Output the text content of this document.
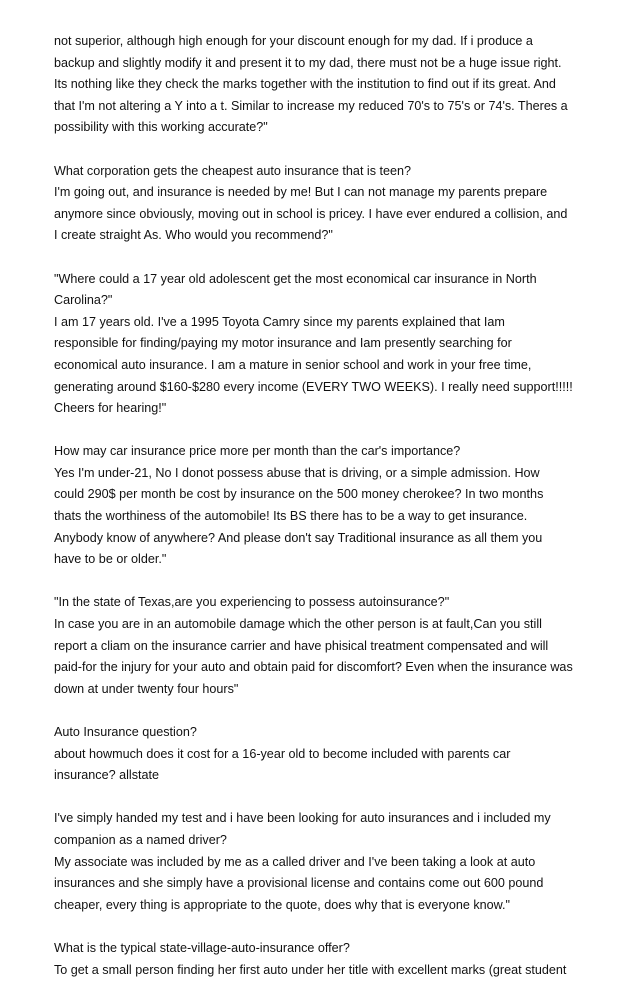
not superior, although high enough for your discount enough for my dad. If i produce a
backup and slightly modify it and present it to my dad, there must not be a huge issue right.
Its nothing like they check the marks together with the institution to find out if its great. And
that I'm not altering a Y into a t. Similar to increase my reduced 70's to 75's or 74's. Theres a
possibility with this working accurate?"
What corporation gets the cheapest auto insurance that is teen?
I'm going out, and insurance is needed by me! But I can not manage my parents prepare
anymore since obviously, moving out in school is pricey. I have ever endured a collision, and
I create straight As. Who would you recommend?"
"Where could a 17 year old adolescent get the most economical car insurance in North
Carolina?"
I am 17 years old. I've a 1995 Toyota Camry since my parents explained that Iam
responsible for finding/paying my motor insurance and Iam presently searching for
economical auto insurance. I am a mature in senior school and work in your free time,
generating around $160-$280 every income (EVERY TWO WEEKS). I really need support!!!!!
Cheers for hearing!"
How may car insurance price more per month than the car's importance?
Yes I'm under-21, No I donot possess abuse that is driving, or a simple admission. How
could 290$ per month be cost by insurance on the 500 money cherokee? In two months
thats the worthiness of the automobile! Its BS there has to be a way to get insurance.
Anybody know of anywhere? And please don't say Traditional insurance as all them you
have to be or older."
"In the state of Texas,are you experiencing to possess autoinsurance?"
In case you are in an automobile damage which the other person is at fault,Can you still
report a cliam on the insurance carrier and have phisical treatment compensated and will
paid-for the injury for your auto and obtain paid for discomfort? Even when the insurance was
down at under twenty four hours"
Auto Insurance question?
about howmuch does it cost for a 16-year old to become included with parents car
insurance? allstate
I've simply handed my test and i have been looking for auto insurances and i included my
companion as a named driver?
My associate was included by me as a called driver and I've been taking a look at auto
insurances and she simply have a provisional license and contains come out 600 pound
cheaper, every thing is appropriate to the quote, does why that is everyone know."
What is the typical state-village-auto-insurance offer?
To get a small person finding her first auto under her title with excellent marks (great student
